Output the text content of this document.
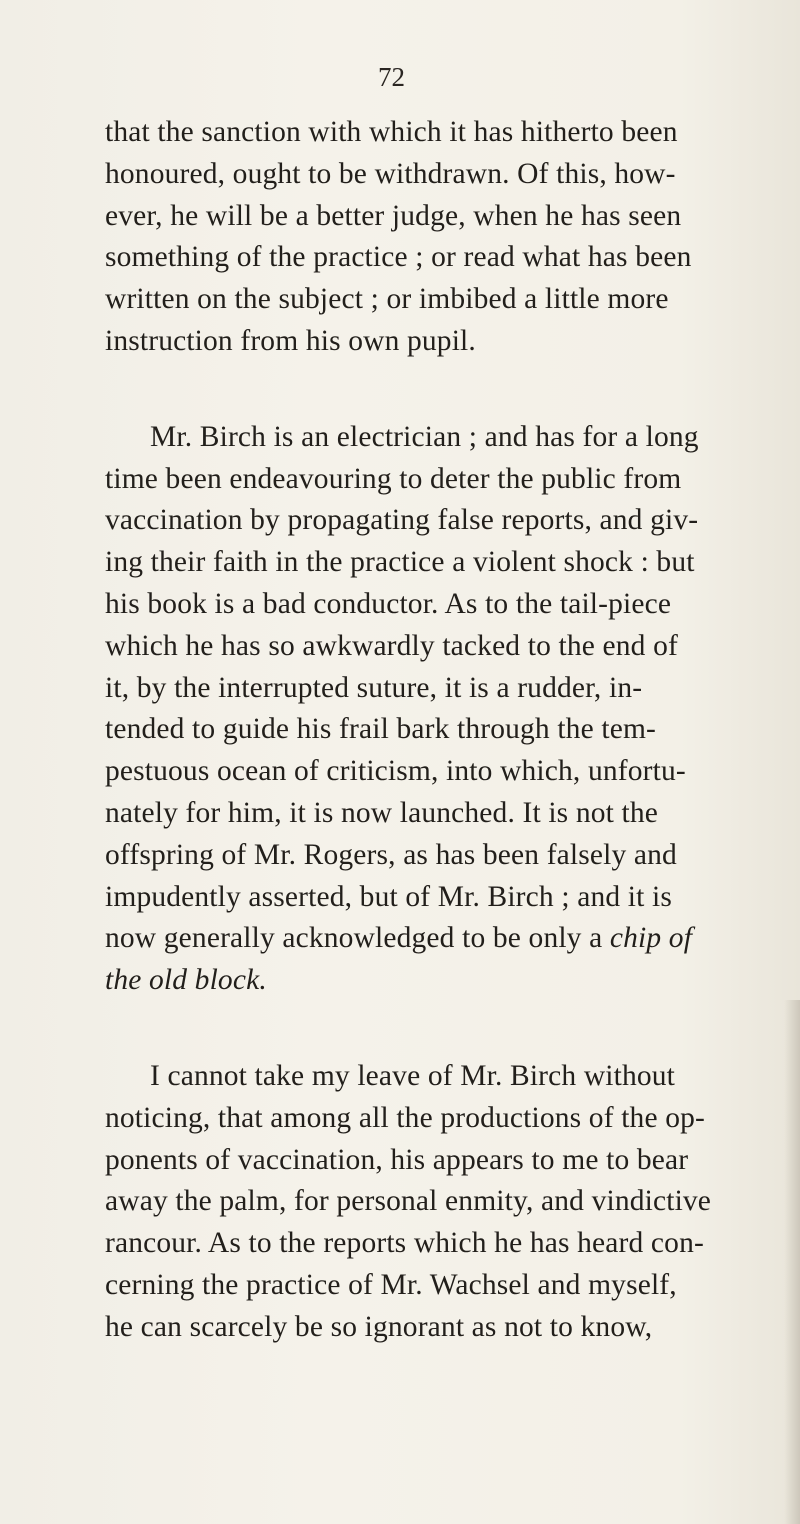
72

that the sanction with which it has hitherto been
honoured, ought to be withdrawn. Of this, how-
ever, he will be a better judge, when he has seen
something of the practice ; or read what has been
written on the subject ; or imbibed a little more
instruction from his own pupil.

Mr. Birch is an electrician ; and has for a long
time been endeavouring to deter the public from
vaccination by propagating false reports, and giv-
ing their faith in the practice a violent shock : but
his book is a bad conductor. As to the tail-piece
which he has so awkwardly tacked to the end of
it, by the interrupted suture, it is a rudder, in-
tended to guide his frail bark through the tem-
pestuous ocean of criticism, into which, unfortu-
nately for him, it is now launched. It is not the
offspring of Mr. Rogers, as has been falsely and
impudently asserted, but of Mr. Birch ; and it is
now generally acknowledged to be only a chip of
the old block.

I cannot take my leave of Mr. Birch without
noticing, that among all the productions of the op-
ponents of vaccination, his appears to me to bear
away the palm, for personal enmity, and vindictive
rancour. As to the reports which he has heard con-
cerning the practice of Mr. Wachsel and myself,
he can scarcely be so ignorant as not to know,
